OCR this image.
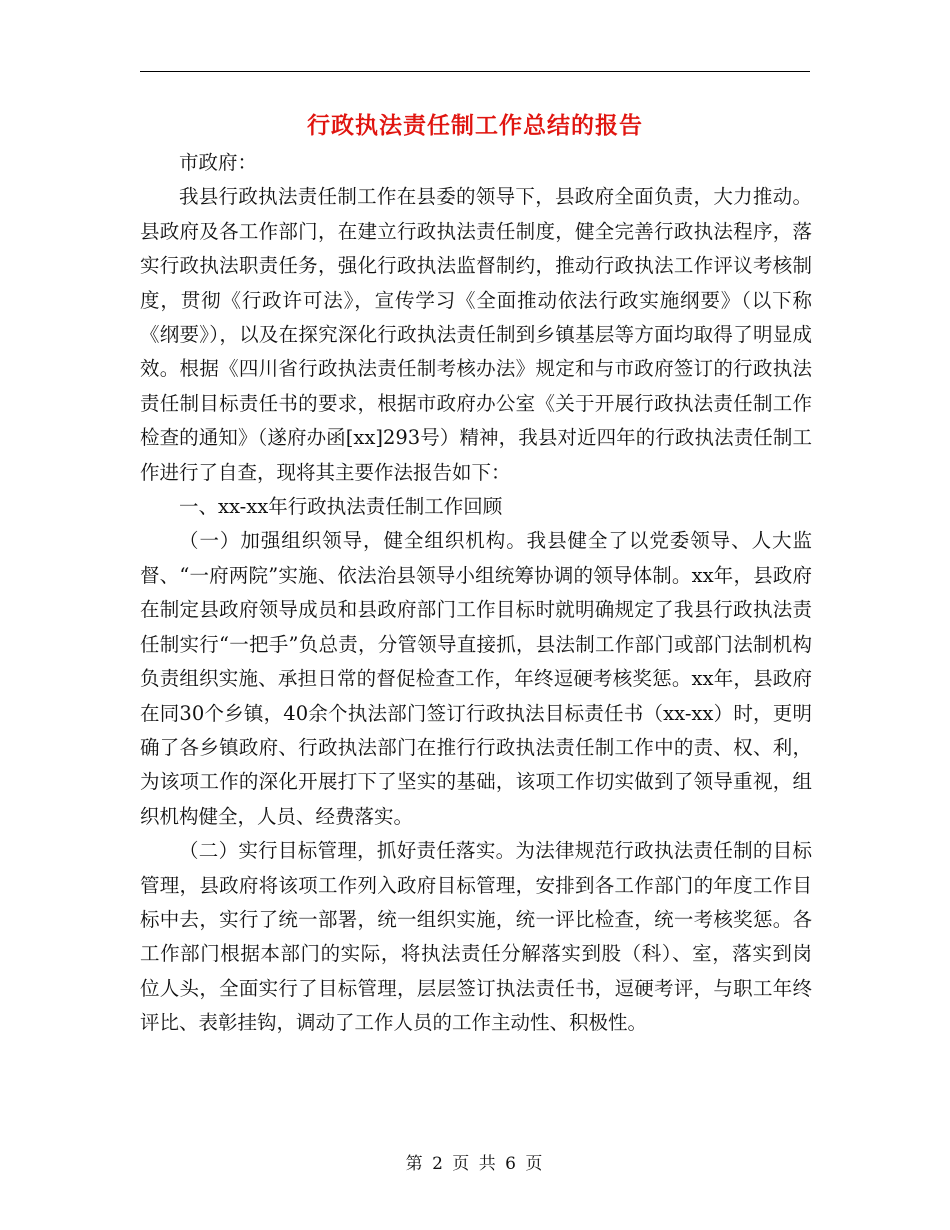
行政执法责任制工作总结的报告

市政府：

我县行政执法责任制工作在县委的领导下，县政府全面负责，大力推动。县政府及各工作部门，在建立行政执法责任制度，健全完善行政执法程序，落实行政执法职责任务，强化行政执法监督制约，推动行政执法工作评议考核制度，贯彻《行政许可法》，宣传学习《全面推动依法行政实施纲要》（以下称《纲要》），以及在探究深化行政执法责任制到乡镇基层等方面均取得了明显成效。根据《四川省行政执法责任制考核办法》规定和与市政府签订的行政执法责任制目标责任书的要求，根据市政府办公室《关于开展行政执法责任制工作检查的通知》（遂府办函[xx]293号）精神，我县对近四年的行政执法责任制工作进行了自查，现将其主要作法报告如下：

一、xx-xx年行政执法责任制工作回顾

（一）加强组织领导，健全组织机构。我县健全了以党委领导、人大监督、“一府两院”实施、依法治县领导小组统筹协调的领导体制。xx年，县政府在制定县政府领导成员和县政府部门工作目标时就明确规定了我县行政执法责任制实行“一把手”负总责，分管领导直接抓，县法制工作部门或部门法制机构负责组织实施、承担日常的督促检查工作，年终逗硬考核奖惩。xx年，县政府在同30个乡镇，40余个执法部门签订行政执法目标责任书（xx-xx）时，更明确了各乡镇政府、行政执法部门在推行行政执法责任制工作中的责、权、利，为该项工作的深化开展打下了坚实的基础，该项工作切实做到了领导重视，组织机构健全，人员、经费落实。

（二）实行目标管理，抓好责任落实。为法律规范行政执法责任制的目标管理，县政府将该项工作列入政府目标管理，安排到各工作部门的年度工作目标中去，实行了统一部署，统一组织实施，统一评比检查，统一考核奖惩。各工作部门根据本部门的实际，将执法责任分解落实到股（科）、室，落实到岗位人头，全面实行了目标管理，层层签订执法责任书，逗硬考评，与职工年终评比、表彰挂钩，调动了工作人员的工作主动性、积极性。

第 2 页 共 6 页
